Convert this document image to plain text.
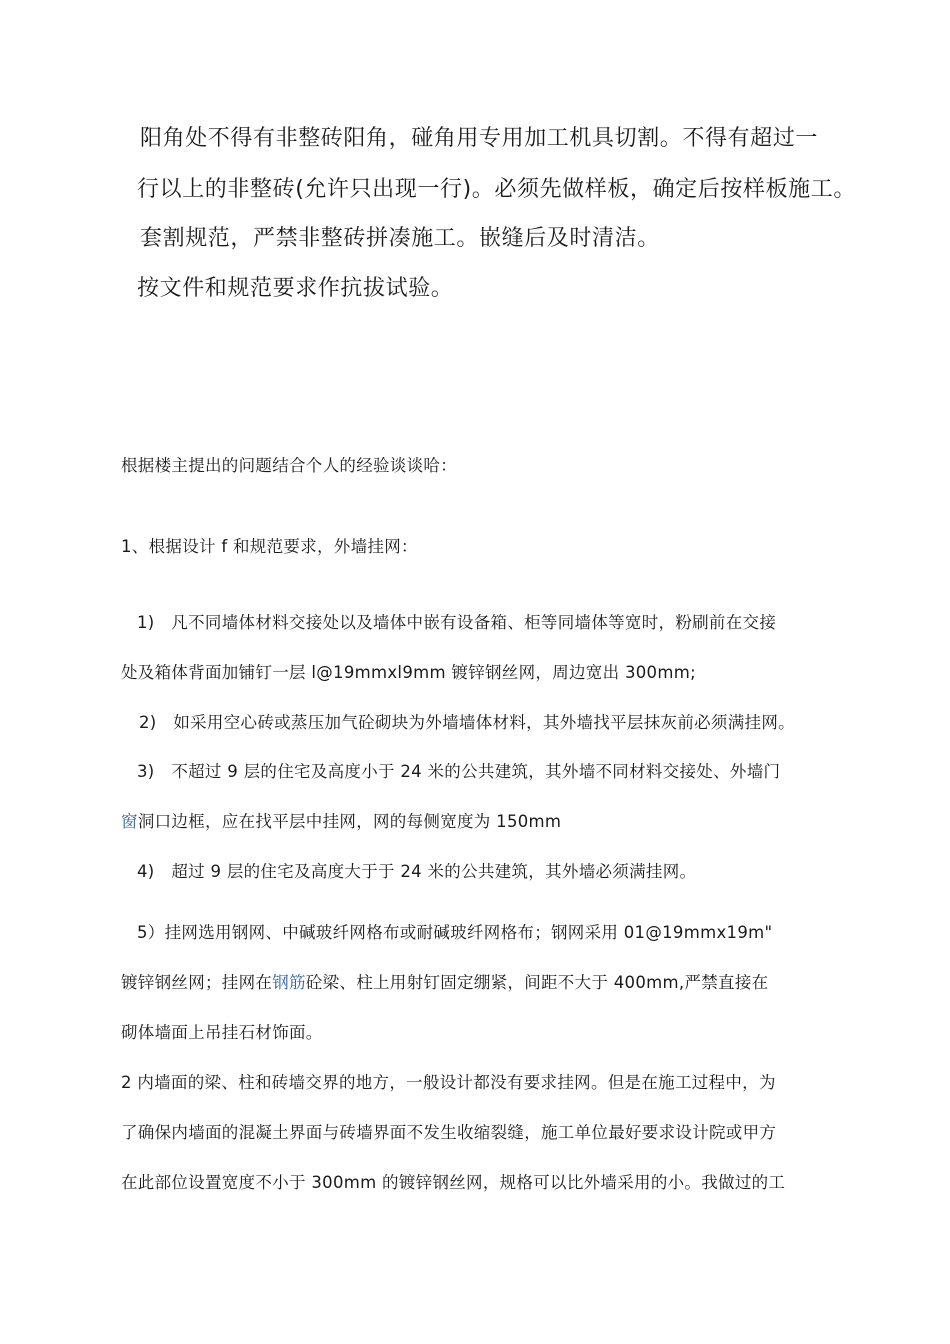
阳角处不得有非整砖阳角，碰角用专用加工机具切割。不得有超过一
行以上的非整砖(允许只出现一行)。必须先做样板，确定后按样板施工。
套割规范，严禁非整砖拼凑施工。嵌缝后及时清洁。
按文件和规范要求作抗拔试验。
根据楼主提出的问题结合个人的经验谈谈哈：
1、根据设计 f 和规范要求，外墙挂网：
1)　凡不同墙体材料交接处以及墙体中嵌有设备箱、柜等同墙体等宽时，粉刷前在交接
处及箱体背面加铺钉一层 l@19mmxl9mm 镀锌钢丝网，周边宽出 300mm;
2)　如采用空心砖或蒸压加气砼砌块为外墙墙体材料，其外墙找平层抹灰前必须满挂网。
3)　不超过 9 层的住宅及高度小于 24 米的公共建筑，其外墙不同材料交接处、外墙门
窗洞口边框，应在找平层中挂网，网的每侧宽度为 150mm
4)　超过 9 层的住宅及高度大于于 24 米的公共建筑，其外墙必须满挂网。
5）挂网选用钢网、中碱玻纤网格布或耐碱玻纤网格布；钢网采用 01@19mmx19m"
镀锌钢丝网；挂网在钢筋砼梁、柱上用射钉固定绷紧，间距不大于 400mm,严禁直接在
砌体墙面上吊挂石材饰面。
2 内墙面的梁、柱和砖墙交界的地方，一般设计都没有要求挂网。但是在施工过程中，为
了确保内墙面的混凝土界面与砖墙界面不发生收缩裂缝，施工单位最好要求设计院或甲方
在此部位设置宽度不小于 300mm 的镀锌钢丝网，规格可以比外墙采用的小。我做过的工
